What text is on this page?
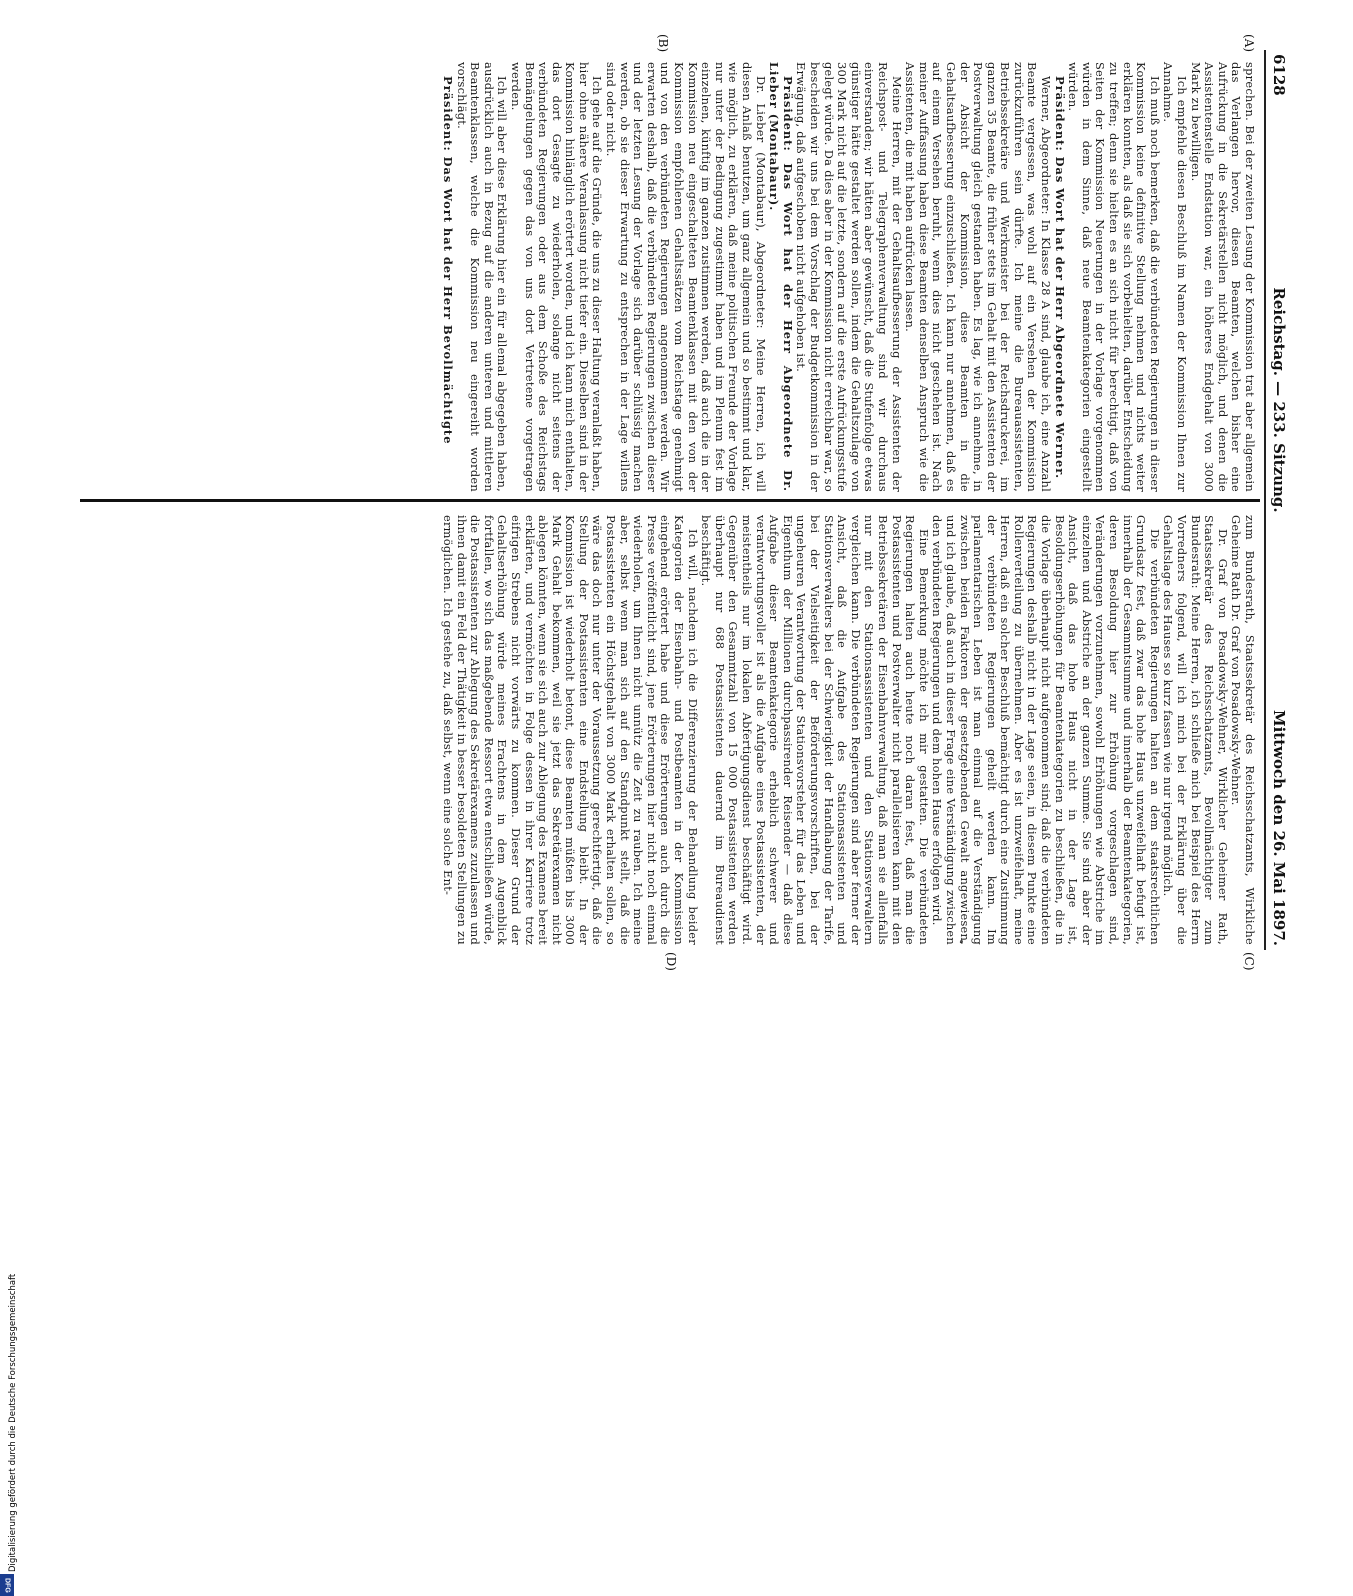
Digitalisierung gefördert durch die Deutsche Forschungsgemeinschaft
DFG
6128
Reichstag. — 233. Sitzung.
Mittwoch den 26. Mai 1897.
(A)
(B)
(C)
(D)

sprechen. Bei der zweiten Lesung der Kommission trat aber allgemein das Verlangen hervor, diesen Beamten, welchen bisher eine Aufrückung in die Sekretärstellen nicht möglich, und denen die Assistentenstelle Endstation war, ein höheres Endgehalt von 3000 Mark zu bewilligen.

Ich empfehle diesen Beschluß im Namen der Kommission Ihnen zur Annahme.

Ich muß noch bemerken, daß die verbündeten Regierungen in dieser Kommission keine definitive Stellung nehmen und nichts weiter erklären konnten, als daß sie sich vorbehielten, darüber Entscheidung zu treffen; denn sie hielten es an sich nicht für berechtigt, daß von Seiten der Kommission Neuerungen in der Vorlage vorgenommen würden in dem Sinne, daß neue Beamtenkategorien eingestellt würden.

Präsident: Das Wort hat der Herr Abgeordnete Werner.

Werner, Abgeordneter: In Klasse 28 A sind, glaube ich, eine Anzahl Beamte vergessen, was wohl auf ein Versehen der Kommission zurückzuführen sein dürfte. Ich meine die Bureauassistenten, Betriebssekretäre und Werkmeister bei der Reichsdruckerei, im ganzen 35 Beamte, die früher stets im Gehalt mit den Assistenten der Postverwaltung gleich gestanden haben. Es lag, wie ich annehme, in der Absicht der Kommission, diese Beamten in die Gehaltsaufbesserung einzuschließen. Ich kann nur annehmen, daß es auf einem Versehen beruht, wenn dies nicht geschehen ist. Nach meiner Auffassung haben diese Beamten denselben Anspruch wie die Assistenten, die mit haben aufrücken lassen.

Meine Herren, mit der Gehaltsaufbesserung der Assistenten der Reichspost- und Telegraphenverwaltung sind wir durchaus einverstanden; wir hätten aber gewünscht, daß die Stufenfolge etwas günstiger hätte gestaltet werden sollen, indem die Gehaltszulage von 300 Mark nicht auf die letzte, sondern auf die erste Aufrückungsstufe gelegt würde. Da dies aber in der Kommission nicht erreichbar war, so bescheiden wir uns bei dem Vorschlag der Budgetkommission in der Erwägung, daß aufgeschoben nicht aufgehoben ist.

Präsident: Das Wort hat der Herr Abgeordnete Dr. Lieber (Montabaur).

Dr. Lieber (Montabaur), Abgeordneter: Meine Herren, ich will diesen Anlaß benutzen, um ganz allgemein und so bestimmt und klar, wie möglich, zu erklären, daß meine politischen Freunde der Vorlage nur unter der Bedingung zugestimmt haben und im Plenum fest im einzelnen, künftig im ganzen zustimmen werden, daß auch die in der Kommission neu eingeschalteten Beamtenklassen mit den von der Kommission empfohlenen Gehaltssätzen vom Reichstage genehmigt und von den verbündeten Regierungen angenommen werden. Wir erwarten deshalb, daß die verbündeten Regierungen zwischen dieser und der letzten Lesung der Vorlage sich darüber schlüssig machen werden, ob sie dieser Erwartung zu entsprechen in der Lage willens sind oder nicht.

Ich gehe auf die Gründe, die uns zu dieser Haltung veranlaßt haben, hier ohne nähere Veranlassung nicht tiefer ein. Dieselben sind in der Kommission hinlänglich erörtert worden, und ich kann mich enthalten, das dort Gesagte zu wiederholen, solange nicht seitens der verbündeten Regierungen oder aus dem Schoße des Reichstags Bemängelungen gegen das von uns dort Vertretene vorgetragen werden.

Ich will aber diese Erklärung hier ein für allemal abgegeben haben, ausdrücklich auch in Bezug auf die anderen unteren und mittleren Beamtenklassen, welche die Kommission neu eingereiht worden vorschlägt.

Präsident: Das Wort hat der Herr Bevollmächtigte

zum Bundesrath, Staatssekretär des Reichsschatzamts, Wirkliche Geheime Rath Dr. Graf von Posadowsky-Wehner.

Dr. Graf von Posadowsky-Wehner, Wirklicher Geheimer Rath, Staatssekretär des Reichsschatzamts, Bevollmächtigter zum Bundesrath: Meine Herren, ich schließe mich bei Beispiel des Herrn Vorredners folgend, will ich mich bei der Erklärung über die Gehaltslage des Hauses so kurz fassen wie nur irgend möglich.

Die verbündeten Regierungen halten an dem staatsrechtlichen Grundsatz fest, daß zwar das hohe Haus unzweifelhaft befugt ist, innerhalb der Gesammtsumme und innerhalb der Beamtenkategorien, deren Besoldung hier zur Erhöhung vorgeschlagen sind, Veränderungen vorzunehmen, sowohl Erhöhungen wie Abstriche im einzelnen und Abstriche an der ganzen Summe. Sie sind aber der Ansicht, daß das hohe Haus nicht in der Lage ist, Besoldungserhöhungen für Beamtenkategorien zu beschließen, die in die Vorlage überhaupt nicht aufgenommen sind; daß die verbündeten Regierungen deshalb nicht in der Lage seien, in diesem Punkte eine Rollenverteilung zu übernehmen. Aber es ist unzweifelhaft, meine Herren, daß ein solcher Beschluß bemächtigt durch eine Zustimmung der verbündeten Regierungen geheilt werden kann. Im parlamentarischen Leben ist man einmal auf die Verständigung zwischen beiden Faktoren der gesetzgebenden Gewalt angewiesen, und ich glaube, daß auch in dieser Frage eine Verständigung zwischen den verbündeten Regierungen und dem hohen Hause erfolgen wird.

Eine Bemerkung möchte ich mir gestatten. Die verbündeten Regierungen halten auch heute noch daran fest, daß man die Postassistenten und Postverwalter nicht parallelisieren kann mit den Betriebssekretären der Eisenbahnverwaltung, daß man sie allenfalls nur mit den Stationsassistenten und den Stationsverwaltern vergleichen kann. Die verbündeten Regierungen sind aber ferner der Ansicht, daß die Aufgabe des Stationsassistenten und Stationsverwalters bei der Schwierigkeit der Handhabung der Tarife, bei der Vielseitigkeit der Beförderungsvorschriften, bei der ungeheuren Verantwortung der Stationsvorsteher für das Leben und Eigenthum der Millionen durchpassirender Reisender — daß diese Aufgabe dieser Beamtenkategorie erheblich schwerer und verantwortungsvoller ist als die Aufgabe eines Postassistenten, der meistentheils nur im lokalen Abfertigungsdienst beschäftigt wird. Gegenüber den Gesammtzahl von 15 000 Postassistenten werden überhaupt nur 688 Postassistenten dauernd im Bureaudienst beschäftigt.

Ich will, nachdem ich die Differenzierung der Behandlung beider Kategorien der Eisenbahn- und Postbeamten in der Kommission eingehend erörtert habe und diese Erörterungen auch durch die Presse veröffentlicht sind, jene Erörterungen hier nicht noch einmal wiederholen, um Ihnen nicht unnütz die Zeit zu rauben. Ich meine aber, selbst wenn man sich auf den Standpunkt stellt, daß die Postassistenten ein Höchstgehalt von 3000 Mark erhalten sollen, so wäre das doch nur unter der Voraussetzung gerechtfertigt, daß die Stellung der Postassistenten eine Endstellung bleibt. In der Kommission ist wiederholt betont, diese Beamten müßten bis 3000 Mark Gehalt bekommen, weil sie jetzt das Sekretärexamen nicht ablegen könnten, wenn sie sich auch zur Ablegung des Examens bereit erklärten, und vermöchten in Folge dessen in ihrer Karriere trotz eifrigen Strebens nicht vorwärts zu kommen. Dieser Grund der Gehaltserhöhung würde meines Erachtens in dem Augenblick fortfallen, wo sich das maßgebende Ressort etwa entschließen würde, die Postassistenten zur Ablegung des Sekretärexamens zuzulassen und ihnen damit ein Feld der Thätigkeit in besser besoldeten Stellungen zu ermöglichen. Ich gestehe zu, daß selbst, wenn eine solche Ent-
